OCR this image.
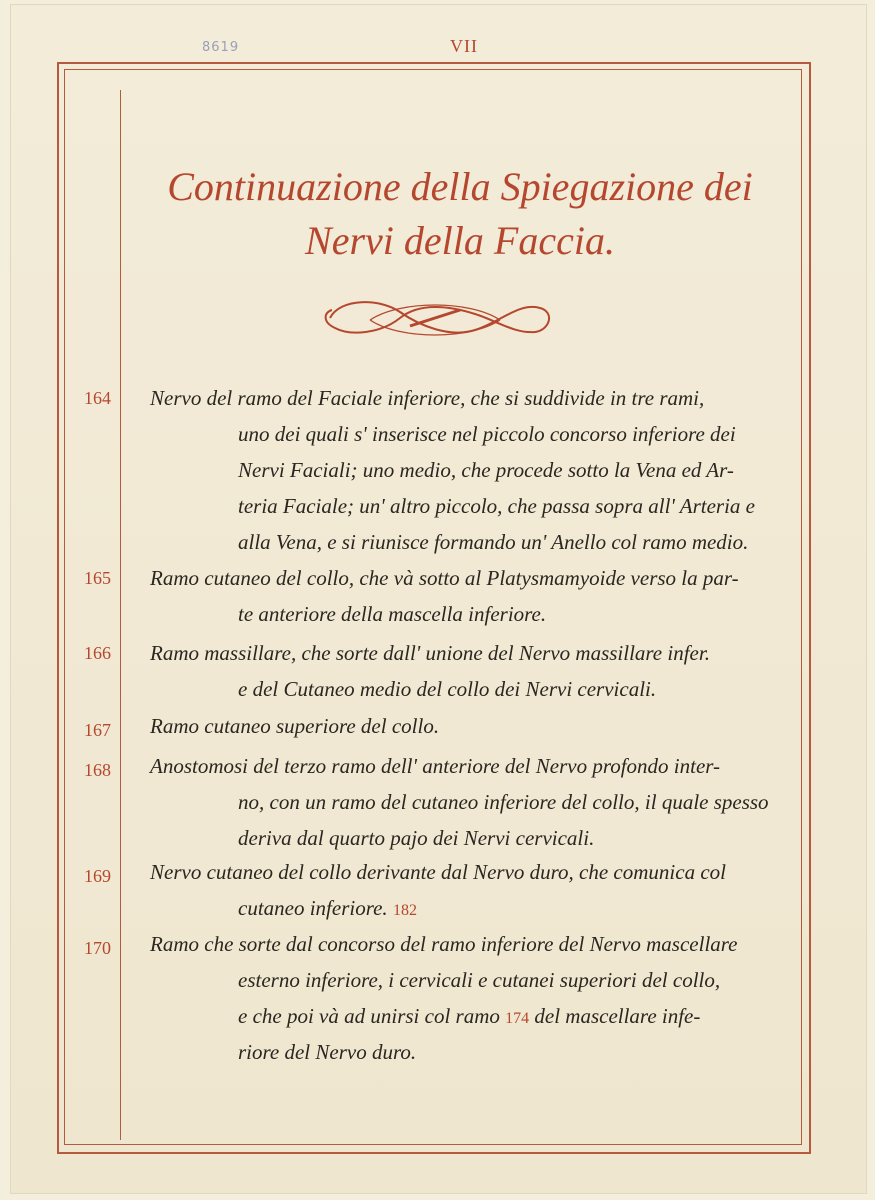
8619	VII
Continuazione della Spiegazione dei
Nervi della Faccia.
164 Nervo del ramo del Faciale inferiore, che si suddivide in tre rami,
uno dei quali s' inserisce nel piccolo concorso inferiore dei
Nervi Faciali; uno medio, che procede sotto la Vena ed Ar-
teria Faciale; un' altro piccolo, che passa sopra all' Arteria e
alla Vena, e si riunisce formando un' Anello col ramo medio.
165 Ramo cutaneo del collo, che và sotto al Platysmamyoide verso la par-
te anteriore della mascella inferiore.
166 Ramo massillare, che sorte dall' unione del Nervo massillare infer.
e del Cutaneo medio del collo dei Nervi cervicali.
167 Ramo cutaneo superiore del collo.
168 Anostomosi del terzo ramo dell' anteriore del Nervo profondo inter-
no, con un ramo del cutaneo inferiore del collo, il quale spesso
deriva dal quarto pajo dei Nervi cervicali.
169 Nervo cutaneo del collo derivante dal Nervo duro, che comunica col
cutaneo inferiore. 182
170 Ramo che sorte dal concorso del ramo inferiore del Nervo mascellare
esterno inferiore, i cervicali e cutanei superiori del collo,
e che poi và ad unirsi col ramo 174 del mascellare infe-
riore del Nervo duro.
